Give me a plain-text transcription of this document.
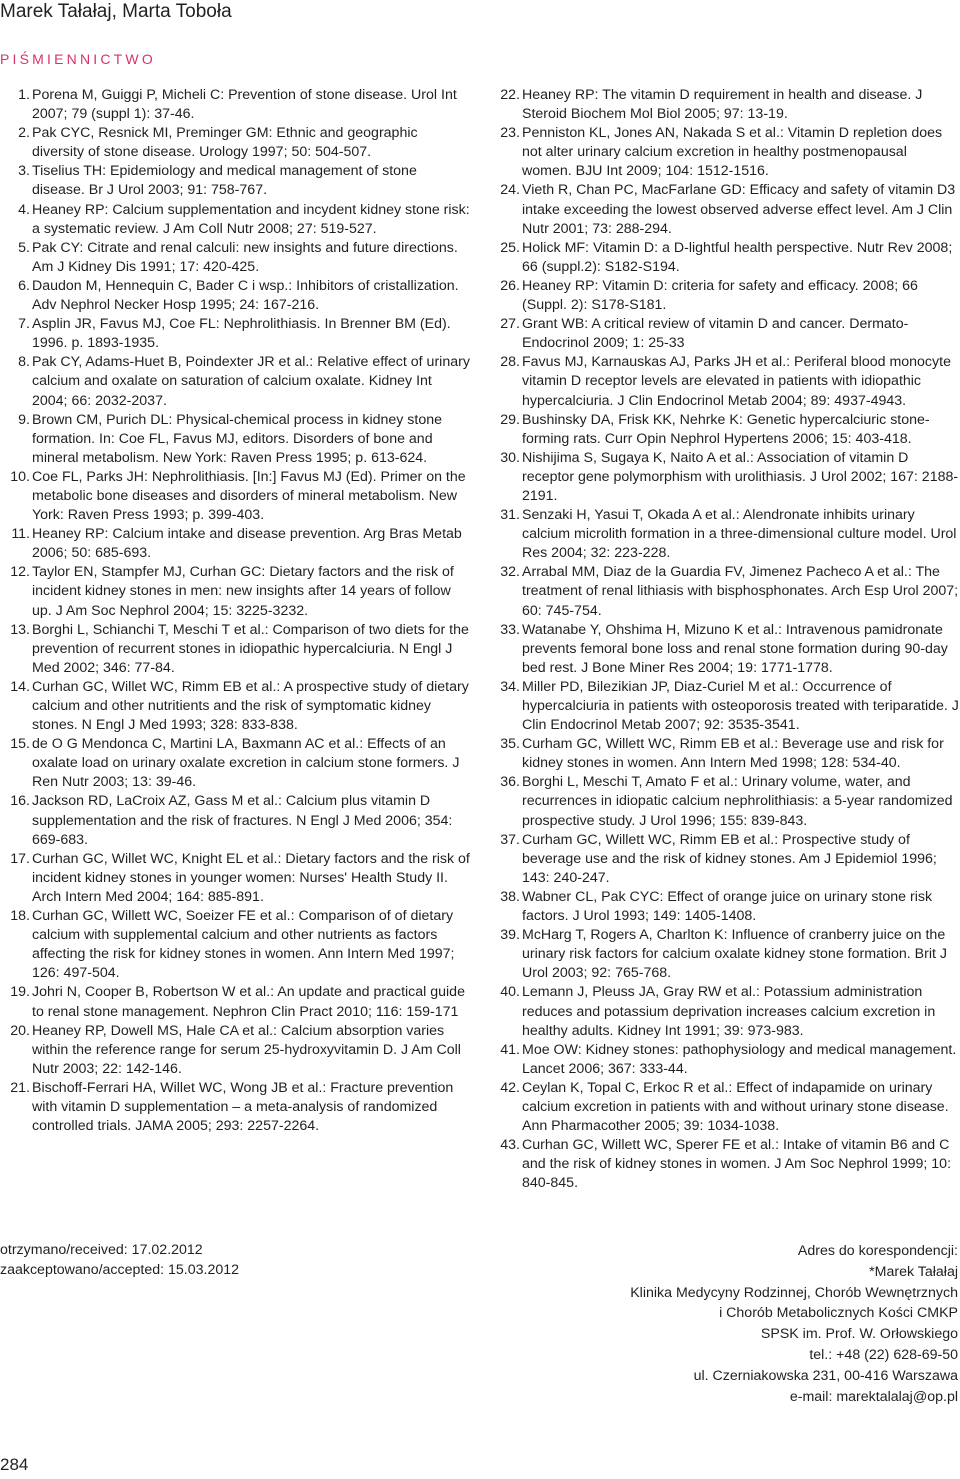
Marek Tałałaj, Marta Toboła
PIŚMIENNICTWO
1. Porena M, Guiggi P, Micheli C: Prevention of stone disease. Urol Int 2007; 79 (suppl 1): 37-46.
2. Pak CYC, Resnick MI, Preminger GM: Ethnic and geographic diversity of stone disease. Urology 1997; 50: 504-507.
3. Tiselius TH: Epidemiology and medical management of stone disease. Br J Urol 2003; 91: 758-767.
4. Heaney RP: Calcium supplementation and incydent kidney stone risk: a systematic review. J Am Coll Nutr 2008; 27: 519-527.
5. Pak CY: Citrate and renal calculi: new insights and future directions. Am J Kidney Dis 1991; 17: 420-425.
6. Daudon M, Hennequin C, Bader C i wsp.: Inhibitors of cristallization. Adv Nephrol Necker Hosp 1995; 24: 167-216.
7. Asplin JR, Favus MJ, Coe FL: Nephrolithiasis. In Brenner BM (Ed). 1996. p. 1893-1935.
8. Pak CY, Adams-Huet B, Poindexter JR et al.: Relative effect of urinary calcium and oxalate on saturation of calcium oxalate. Kidney Int 2004; 66: 2032-2037.
9. Brown CM, Purich DL: Physical-chemical process in kidney stone formation. In: Coe FL, Favus MJ, editors. Disorders of bone and mineral metabolism. New York: Raven Press 1995; p. 613-624.
10. Coe FL, Parks JH: Nephrolithiasis. [In:] Favus MJ (Ed). Primer on the metabolic bone diseases and disorders of mineral metabolism. New York: Raven Press 1993; p. 399-403.
11. Heaney RP: Calcium intake and disease prevention. Arg Bras Metab 2006; 50: 685-693.
12. Taylor EN, Stampfer MJ, Curhan GC: Dietary factors and the risk of incident kidney stones in men: new insights after 14 years of follow up. J Am Soc Nephrol 2004; 15: 3225-3232.
13. Borghi L, Schianchi T, Meschi T et al.: Comparison of two diets for the prevention of recurrent stones in idiopathic hypercalciuria. N Engl J Med 2002; 346: 77-84.
14. Curhan GC, Willet WC, Rimm EB et al.: A prospective study of dietary calcium and other nutritients and the risk of symptomatic kidney stones. N Engl J Med 1993; 328: 833-838.
15. de O G Mendonca C, Martini LA, Baxmann AC et al.: Effects of an oxalate load on urinary oxalate excretion in calcium stone formers. J Ren Nutr 2003; 13: 39-46.
16. Jackson RD, LaCroix AZ, Gass M et al.: Calcium plus vitamin D supplementation and the risk of fractures. N Engl J Med 2006; 354: 669-683.
17. Curhan GC, Willet WC, Knight EL et al.: Dietary factors and the risk of incident kidney stones in younger women: Nurses' Health Study II. Arch Intern Med 2004; 164: 885-891.
18. Curhan GC, Willett WC, Soeizer FE et al.: Comparison of of dietary calcium with supplemental calcium and other nutrients as factors affecting the risk for kidney stones in women. Ann Intern Med 1997; 126: 497-504.
19. Johri N, Cooper B, Robertson W et al.: An update and practical guide to renal stone management. Nephron Clin Pract 2010; 116: 159-171
20. Heaney RP, Dowell MS, Hale CA et al.: Calcium absorption varies within the reference range for serum 25-hydroxyvitamin D. J Am Coll Nutr 2003; 22: 142-146.
21. Bischoff-Ferrari HA, Willet WC, Wong JB et al.: Fracture prevention with vitamin D supplementation – a meta-analysis of randomized controlled trials. JAMA 2005; 293: 2257-2264.
22. Heaney RP: The vitamin D requirement in health and disease. J Steroid Biochem Mol Biol 2005; 97: 13-19.
23. Penniston KL, Jones AN, Nakada S et al.: Vitamin D repletion does not alter urinary calcium excretion in healthy postmenopausal women. BJU Int 2009; 104: 1512-1516.
24. Vieth R, Chan PC, MacFarlane GD: Efficacy and safety of vitamin D3 intake exceeding the lowest observed adverse effect level. Am J Clin Nutr 2001; 73: 288-294.
25. Holick MF: Vitamin D: a D-lightful health perspective. Nutr Rev 2008; 66 (suppl.2): S182-S194.
26. Heaney RP: Vitamin D: criteria for safety and efficacy. 2008; 66 (Suppl. 2): S178-S181.
27. Grant WB: A critical review of vitamin D and cancer. Dermato-Endocrinol 2009; 1: 25-33
28. Favus MJ, Karnauskas AJ, Parks JH et al.: Periferal blood monocyte vitamin D receptor levels are elevated in patients with idiopathic hypercalciuria. J Clin Endocrinol Metab 2004; 89: 4937-4943.
29. Bushinsky DA, Frisk KK, Nehrke K: Genetic hypercalciuric stone-forming rats. Curr Opin Nephrol Hypertens 2006; 15: 403-418.
30. Nishijima S, Sugaya K, Naito A et al.: Association of vitamin D receptor gene polymorphism with urolithiasis. J Urol 2002; 167: 2188-2191.
31. Senzaki H, Yasui T, Okada A et al.: Alendronate inhibits urinary calcium microlith formation in a three-dimensional culture model. Urol Res 2004; 32: 223-228.
32. Arrabal MM, Diaz de la Guardia FV, Jimenez Pacheco A et al.: The treatment of renal lithiasis with bisphosphonates. Arch Esp Urol 2007; 60: 745-754.
33. Watanabe Y, Ohshima H, Mizuno K et al.: Intravenous pamidronate prevents femoral bone loss and renal stone formation during 90-day bed rest. J Bone Miner Res 2004; 19: 1771-1778.
34. Miller PD, Bilezikian JP, Diaz-Curiel M et al.: Occurrence of hypercalciuria in patients with osteoporosis treated with teriparatide. J Clin Endocrinol Metab 2007; 92: 3535-3541.
35. Curham GC, Willett WC, Rimm EB et al.: Beverage use and risk for kidney stones in women. Ann Intern Med 1998; 128: 534-40.
36. Borghi L, Meschi T, Amato F et al.: Urinary volume, water, and recurrences in idiopatic calcium nephrolithiasis: a 5-year randomized prospective study. J Urol 1996; 155: 839-843.
37. Curham GC, Willett WC, Rimm EB et al.: Prospective study of beverage use and the risk of kidney stones. Am J Epidemiol 1996; 143: 240-247.
38. Wabner CL, Pak CYC: Effect of orange juice on urinary stone risk factors. J Urol 1993; 149: 1405-1408.
39. McHarg T, Rogers A, Charlton K: Influence of cranberry juice on the urinary risk factors for calcium oxalate kidney stone formation. Brit J Urol 2003; 92: 765-768.
40. Lemann J, Pleuss JA, Gray RW et al.: Potassium administration reduces and potassium deprivation increases calcium excretion in healthy adults. Kidney Int 1991; 39: 973-983.
41. Moe OW: Kidney stones: pathophysiology and medical management. Lancet 2006; 367: 333-44.
42. Ceylan K, Topal C, Erkoc R et al.: Effect of indapamide on urinary calcium excretion in patients with and without urinary stone disease. Ann Pharmacother 2005; 39: 1034-1038.
43. Curhan GC, Willett WC, Sperer FE et al.: Intake of vitamin B6 and C and the risk of kidney stones in women. J Am Soc Nephrol 1999; 10: 840-845.
otrzymano/received: 17.02.2012
zaakceptowano/accepted: 15.03.2012
Adres do korespondencji:
*Marek Tałałaj
Klinika Medycyny Rodzinnej, Chorób Wewnętrznych
i Chorób Metabolicznych Kości CMKP
SPSK im. Prof. W. Orłowskiego
tel.: +48 (22) 628-69-50
ul. Czerniakowska 231, 00-416 Warszawa
e-mail: marektalalaj@op.pl
284
